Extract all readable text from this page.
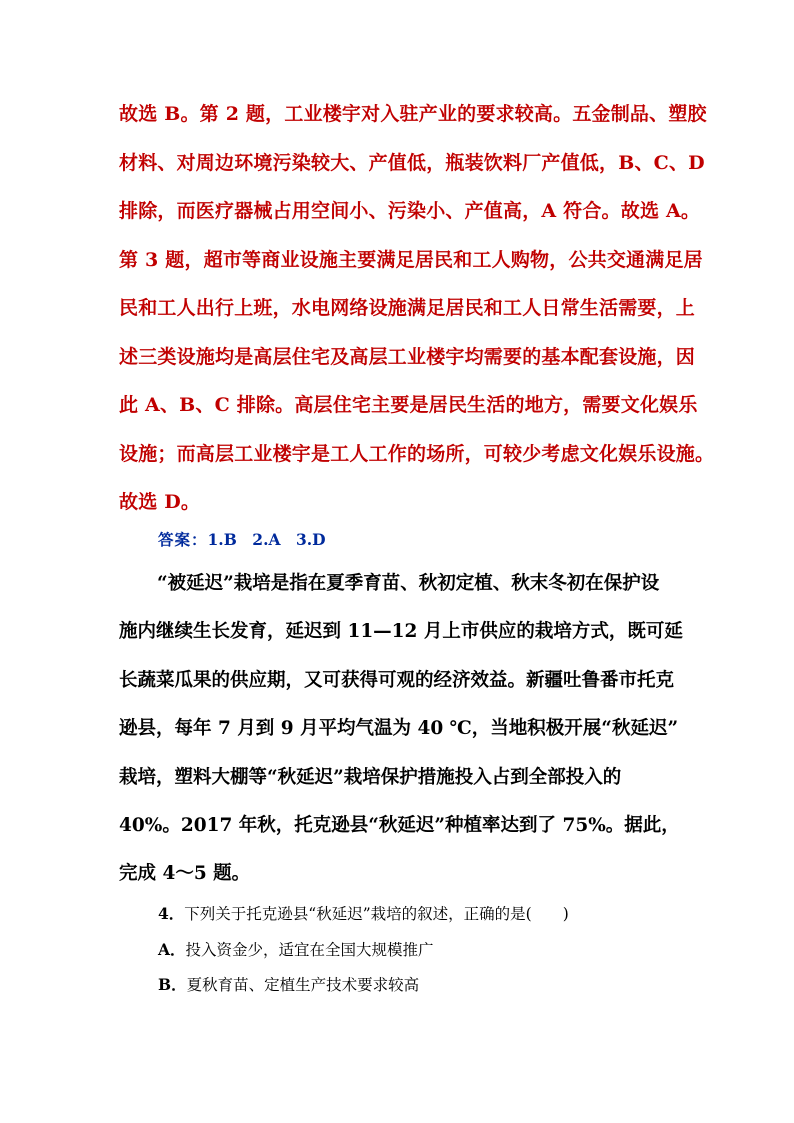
故选 B。第 2 题，工业楼宇对入驻产业的要求较高。五金制品、塑胶
材料、对周边环境污染较大、产值低，瓶装饮料厂产值低，B、C、D
排除，而医疗器械占用空间小、污染小、产值高，A 符合。故选 A。
第 3 题，超市等商业设施主要满足居民和工人购物，公共交通满足居
民和工人出行上班，水电网络设施满足居民和工人日常生活需要，上
述三类设施均是高层住宅及高层工业楼宇均需要的基本配套设施，因
此 A、B、C 排除。高层住宅主要是居民生活的地方，需要文化娱乐
设施；而高层工业楼宇是工人工作的场所，可较少考虑文化娱乐设施。
故选 D。
答案：1.B　2.A　3.D
“被延迟”栽培是指在夏季育苗、秋初定植、秋末冬初在保护设
施内继续生长发育，延迟到 11—12 月上市供应的栽培方式，既可延
长蔬菜瓜果的供应期，又可获得可观的经济效益。新疆吐鲁番市托克
逊县，每年 7 月到 9 月平均气温为 40 ℃，当地积极开展“秋延迟”
栽培，塑料大棚等“秋延迟”栽培保护措施投入占到全部投入的
40%。2017 年秋，托克逊县“秋延迟”种植率达到了 75%。据此，
完成 4～5 题。
4．下列关于托克逊县“秋延迟”栽培的叙述，正确的是(　　)
A．投入资金少，适宜在全国大规模推广
B．夏秋育苗、定植生产技术要求较高
